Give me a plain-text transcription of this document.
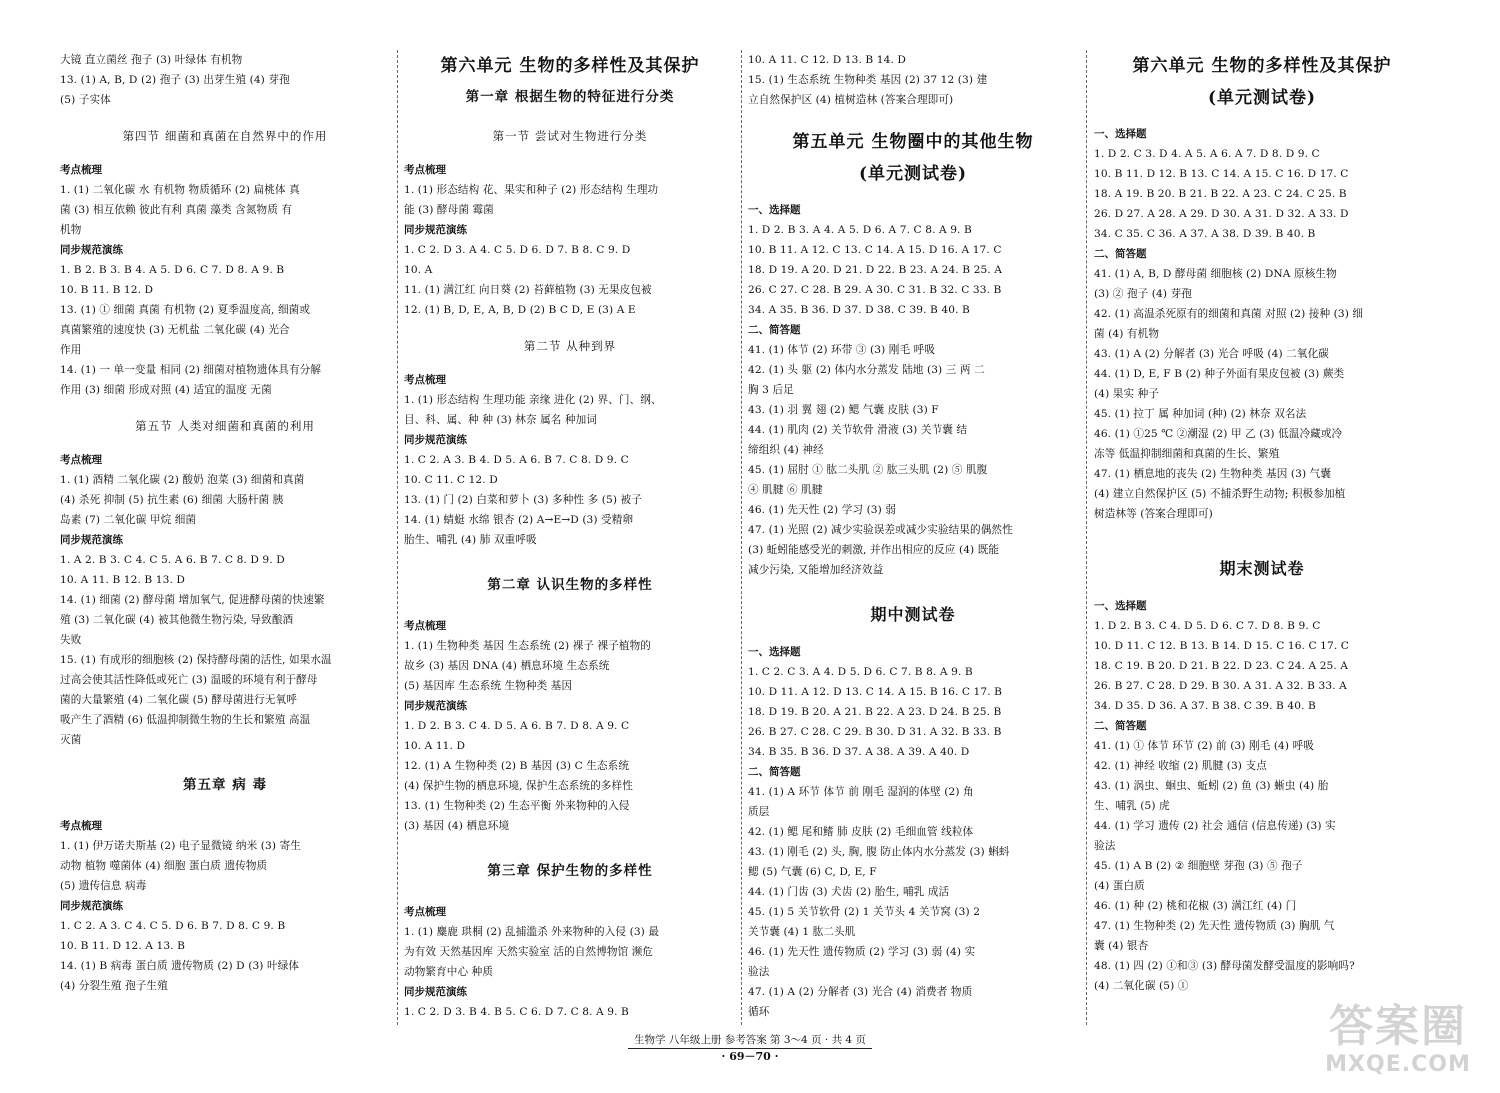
大镜 直立菌丝 孢子 (3) 叶绿体 有机物
13. (1) A, B, D (2) 孢子 (3) 出芽生殖 (4) 芽孢
(5) 子实体
第四节 细菌和真菌在自然界中的作用
考点梳理
1. (1) 二氧化碳 水 有机物 物质循环 (2) 扁桃体 真
菌 (3) 相互依赖 彼此有利 真菌 藻类 含氮物质 有
机物
同步规范演练
1. B 2. B 3. B 4. A 5. D 6. C 7. D 8. A 9. B
10. B 11. B 12. D
13. (1) ① 细菌 真菌 有机物 (2) 夏季温度高, 细菌或
真菌繁殖的速度快 (3) 无机盐 二氧化碳 (4) 光合
作用
14. (1) 一 单一变量 相同 (2) 细菌对植物遗体具有分解
作用 (3) 细菌 形成对照 (4) 适宜的温度 无菌
第五节 人类对细菌和真菌的利用
考点梳理
1. (1) 酒精 二氧化碳 (2) 酸奶 泡菜 (3) 细菌和真菌
(4) 杀死 抑制 (5) 抗生素 (6) 细菌 大肠杆菌 胰
岛素 (7) 二氧化碳 甲烷 细菌
同步规范演练
1. A 2. B 3. C 4. C 5. A 6. B 7. C 8. D 9. D
10. A 11. B 12. B 13. D
14. (1) 细菌 (2) 酵母菌 增加氧气, 促进酵母菌的快速繁
殖 (3) 二氧化碳 (4) 被其他微生物污染, 导致酿酒
失败
15. (1) 有成形的细胞核 (2) 保持酵母菌的活性, 如果水温
过高会使其活性降低或死亡 (3) 温暖的环境有利于酵母
菌的大量繁殖 (4) 二氧化碳 (5) 酵母菌进行无氧呼
吸产生了酒精 (6) 低温抑制微生物的生长和繁殖 高温
灭菌
第五章 病 毒
考点梳理
1. (1) 伊万诺夫斯基 (2) 电子显微镜 纳米 (3) 寄生
动物 植物 噬菌体 (4) 细胞 蛋白质 遗传物质
(5) 遗传信息 病毒
同步规范演练
1. C 2. A 3. C 4. C 5. D 6. B 7. D 8. C 9. B
10. B 11. D 12. A 13. B
14. (1) B 病毒 蛋白质 遗传物质 (2) D (3) 叶绿体
(4) 分裂生殖 孢子生殖
第六单元 生物的多样性及其保护
第一章 根据生物的特征进行分类
第一节 尝试对生物进行分类
考点梳理
1. (1) 形态结构 花、果实和种子 (2) 形态结构 生理功
能 (3) 酵母菌 霉菌
同步规范演练
1. C 2. D 3. A 4. C 5. D 6. D 7. B 8. C 9. D
10. A
11. (1) 满江红 向日葵 (2) 苔藓植物 (3) 无果皮包被
12. (1) B, D, E, A, B, D (2) B C D, E (3) A E
第二节 从种到界
考点梳理
1. (1) 形态结构 生理功能 亲缘 进化 (2) 界、门、纲、
目、科、属、种 种 (3) 林奈 属名 种加词
同步规范演练
1. C 2. A 3. B 4. D 5. A 6. B 7. C 8. D 9. C
10. C 11. C 12. D
13. (1) 门 (2) 白菜和萝卜 (3) 多种性 多 (5) 被子
14. (1) 蜻蜓 水绵 银杏 (2) A→E→D (3) 受精卵
胎生、哺乳 (4) 肺 双重呼吸
第二章 认识生物的多样性
考点梳理
1. (1) 生物种类 基因 生态系统 (2) 裸子 裸子植物的
故乡 (3) 基因 DNA (4) 栖息环境 生态系统
(5) 基因库 生态系统 生物种类 基因
同步规范演练
1. D 2. B 3. C 4. D 5. A 6. B 7. D 8. A 9. C
10. A 11. D
12. (1) A 生物种类 (2) B 基因 (3) C 生态系统
(4) 保护生物的栖息环境, 保护生态系统的多样性
13. (1) 生物种类 (2) 生态平衡 外来物种的入侵
(3) 基因 (4) 栖息环境
第三章 保护生物的多样性
考点梳理
1. (1) 麋鹿 珙桐 (2) 乱捕滥杀 外来物种的入侵 (3) 最
为有效 天然基因库 天然实验室 活的自然博物馆 濒危
动物繁育中心 种质
同步规范演练
1. C 2. D 3. B 4. B 5. C 6. D 7. C 8. A 9. B
10. A 11. C 12. D 13. B 14. D
15. (1) 生态系统 生物种类 基因 (2) 37 12 (3) 建
立自然保护区 (4) 植树造林 (答案合理即可)
第五单元 生物圈中的其他生物
(单元测试卷)
一、选择题
1. D 2. B 3. A 4. A 5. D 6. A 7. C 8. A 9. B
10. B 11. A 12. C 13. C 14. A 15. D 16. A 17. C
18. D 19. A 20. D 21. D 22. B 23. A 24. B 25. A
26. C 27. C 28. B 29. A 30. C 31. B 32. C 33. B
34. A 35. B 36. D 37. D 38. C 39. B 40. B
二、简答题
41. (1) 体节 (2) 环带 ③ (3) 刚毛 呼吸
42. (1) 头 躯 (2) 体内水分蒸发 陆地 (3) 三 两 二
胸 3 后足
43. (1) 羽 翼 翅 (2) 鳃 气囊 皮肤 (3) F
44. (1) 肌肉 (2) 关节软骨 滑液 (3) 关节囊 结
缔组织 (4) 神经
45. (1) 屈肘 ① 肱二头肌 ② 肱三头肌 (2) ⑤ 肌腹
④ 肌腱 ⑥ 肌腱
46. (1) 先天性 (2) 学习 (3) 弱
47. (1) 光照 (2) 减少实验误差或减少实验结果的偶然性
(3) 蚯蚓能感受光的刺激, 并作出相应的反应 (4) 既能
减少污染, 又能增加经济效益
期中测试卷
一、选择题
1. C 2. C 3. A 4. D 5. D 6. C 7. B 8. A 9. B
10. D 11. A 12. D 13. C 14. A 15. B 16. C 17. B
18. D 19. B 20. A 21. B 22. A 23. D 24. B 25. B
26. B 27. C 28. C 29. B 30. D 31. A 32. B 33. B
34. B 35. B 36. D 37. A 38. A 39. A 40. D
二、简答题
41. (1) A 环节 体节 前 刚毛 湿润的体壁 (2) 角
质层
42. (1) 鳃 尾和鳍 肺 皮肤 (2) 毛细血管 线粒体
43. (1) 刚毛 (2) 头, 胸, 腹 防止体内水分蒸发 (3) 蝌蚪
鳃 (5) 气囊 (6) C, D, E, F
44. (1) 门齿 (3) 犬齿 (2) 胎生, 哺乳 成活
45. (1) 5 关节软骨 (2) 1 关节头 4 关节窝 (3) 2
关节囊 (4) 1 肱二头肌
46. (1) 先天性 遗传物质 (2) 学习 (3) 弱 (4) 实
验法
47. (1) A (2) 分解者 (3) 光合 (4) 消费者 物质
循环
第六单元 生物的多样性及其保护
(单元测试卷)
一、选择题
1. D 2. C 3. D 4. A 5. A 6. A 7. D 8. D 9. C
10. B 11. D 12. B 13. C 14. A 15. C 16. D 17. C
18. A 19. B 20. B 21. B 22. A 23. C 24. C 25. B
26. D 27. A 28. A 29. D 30. A 31. D 32. A 33. D
34. C 35. C 36. A 37. A 38. D 39. B 40. B
二、简答题
41. (1) A, B, D 酵母菌 细胞核 (2) DNA 原核生物
(3) ② 孢子 (4) 芽孢
42. (1) 高温杀死原有的细菌和真菌 对照 (2) 接种 (3) 细
菌 (4) 有机物
43. (1) A (2) 分解者 (3) 光合 呼吸 (4) 二氧化碳
44. (1) D, E, F B (2) 种子外面有果皮包被 (3) 蕨类
(4) 果实 种子
45. (1) 拉丁 属 种加词 (种) (2) 林奈 双名法
46. (1) ①25 ℃ ②潮湿 (2) 甲 乙 (3) 低温冷藏或冷
冻等 低温抑制细菌和真菌的生长、繁殖
47. (1) 栖息地的丧失 (2) 生物种类 基因 (3) 气囊
(4) 建立自然保护区 (5) 不捕杀野生动物; 积极参加植
树造林等 (答案合理即可)
期末测试卷
一、选择题
1. D 2. B 3. C 4. D 5. D 6. C 7. D 8. B 9. C
10. D 11. C 12. B 13. B 14. D 15. C 16. C 17. C
18. C 19. B 20. D 21. B 22. D 23. C 24. A 25. A
26. B 27. C 28. D 29. B 30. A 31. A 32. B 33. A
34. D 35. D 36. A 37. B 38. C 39. B 40. B
二、简答题
41. (1) ① 体节 环节 (2) 前 (3) 刚毛 (4) 呼吸
42. (1) 神经 收缩 (2) 肌腱 (3) 支点
43. (1) 涡虫、蛔虫、蚯蚓 (2) 鱼 (3) 蜥虫 (4) 胎
生、哺乳 (5) 虎
44. (1) 学习 遗传 (2) 社会 通信 (信息传递) (3) 实
验法
45. (1) A B (2) ② 细胞壁 芽孢 (3) ⑤ 孢子
(4) 蛋白质
46. (1) 种 (2) 桃和花椒 (3) 满江红 (4) 门
47. (1) 生物种类 (2) 先天性 遗传物质 (3) 胸肌 气
囊 (4) 银杏
48. (1) 四 (2) ①和③ (3) 酵母菌发酵受温度的影响吗?
(4) 二氧化碳 (5) ①
生物学 八年级上册 参考答案 第 3～4 页 · 共 4 页
· 69－70 ·
答案圈
MXQE.COM
